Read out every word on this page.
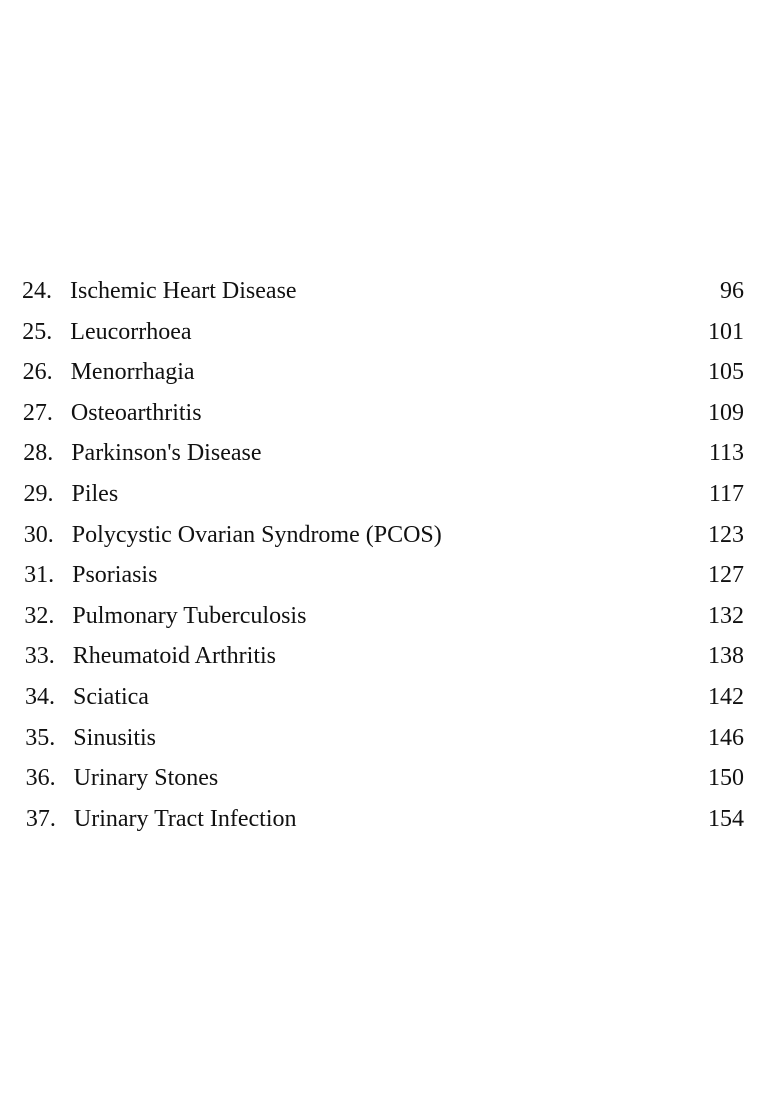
24. Ischemic Heart Disease	96
25. Leucorrhoea	101
26. Menorrhagia	105
27. Osteoarthritis	109
28. Parkinson's Disease	113
29. Piles	117
30. Polycystic Ovarian Syndrome (PCOS)	123
31. Psoriasis	127
32. Pulmonary Tuberculosis	132
33. Rheumatoid Arthritis	138
34. Sciatica	142
35. Sinusitis	146
36. Urinary Stones	150
37. Urinary Tract Infection	154
